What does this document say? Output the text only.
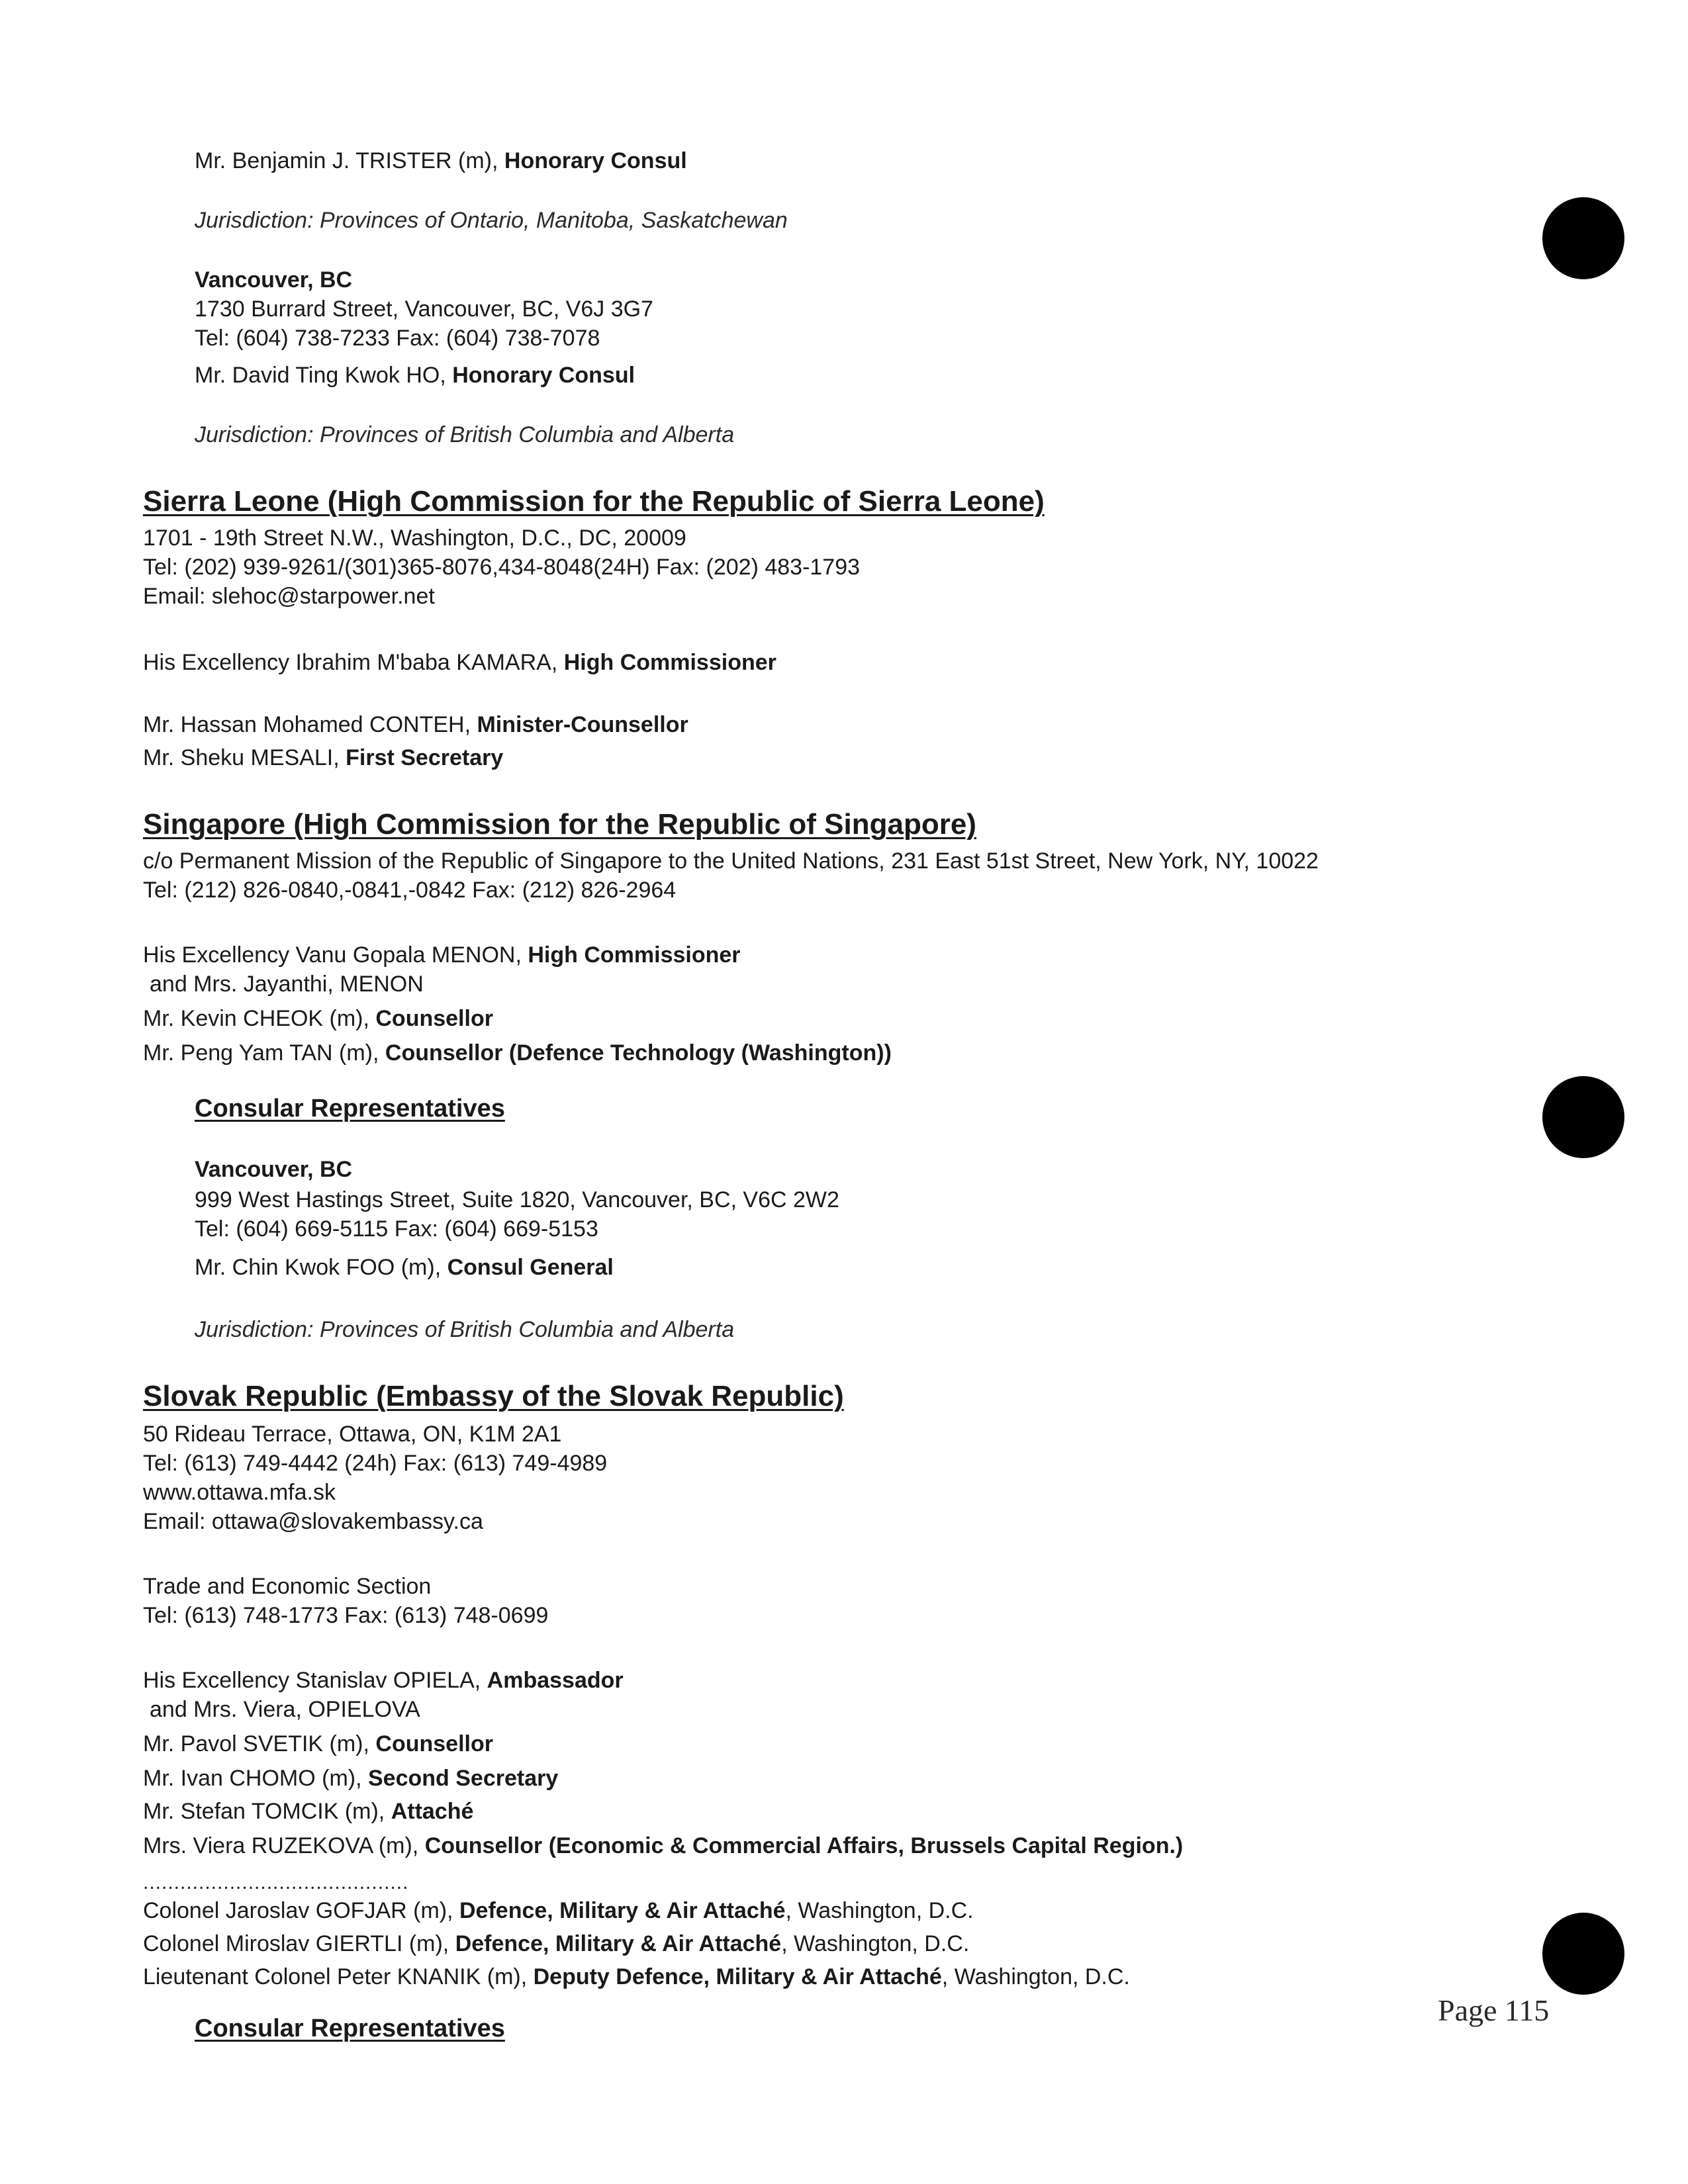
Mr. Benjamin J. TRISTER (m), Honorary Consul
Jurisdiction: Provinces of Ontario, Manitoba, Saskatchewan
Vancouver, BC
1730 Burrard Street, Vancouver, BC, V6J 3G7
Tel: (604) 738-7233 Fax: (604) 738-7078
Mr. David Ting Kwok HO, Honorary Consul
Jurisdiction: Provinces of British Columbia and Alberta
Sierra Leone (High Commission for the Republic of Sierra Leone)
1701 - 19th Street N.W., Washington, D.C., DC, 20009
Tel: (202) 939-9261/(301)365-8076,434-8048(24H) Fax: (202) 483-1793
Email: slehoc@starpower.net
His Excellency Ibrahim M'baba KAMARA, High Commissioner
Mr. Hassan Mohamed CONTEH, Minister-Counsellor
Mr. Sheku MESALI, First Secretary
Singapore (High Commission for the Republic of Singapore)
c/o Permanent Mission of the Republic of Singapore to the United Nations, 231 East 51st Street, New York, NY, 10022
Tel: (212) 826-0840,-0841,-0842 Fax: (212) 826-2964
His Excellency Vanu Gopala MENON, High Commissioner
and Mrs. Jayanthi, MENON
Mr. Kevin CHEOK (m), Counsellor
Mr. Peng Yam TAN (m), Counsellor (Defence Technology (Washington))
Consular Representatives
Vancouver, BC
999 West Hastings Street, Suite 1820, Vancouver, BC, V6C 2W2
Tel: (604) 669-5115 Fax: (604) 669-5153
Mr. Chin Kwok FOO (m), Consul General
Jurisdiction: Provinces of British Columbia and Alberta
Slovak Republic (Embassy of the Slovak Republic)
50 Rideau Terrace, Ottawa, ON, K1M 2A1
Tel: (613) 749-4442 (24h) Fax: (613) 749-4989
www.ottawa.mfa.sk
Email: ottawa@slovakembassy.ca
Trade and Economic Section
Tel: (613) 748-1773 Fax: (613) 748-0699
His Excellency Stanislav OPIELA, Ambassador
and Mrs. Viera, OPIELOVA
Mr. Pavol SVETIK (m), Counsellor
Mr. Ivan CHOMO (m), Second Secretary
Mr. Stefan TOMCIK (m), Attaché
Mrs. Viera RUZEKOVA (m), Counsellor (Economic & Commercial Affairs, Brussels Capital Region.)
...........................................
Colonel Jaroslav GOFJAR (m), Defence, Military & Air Attaché, Washington, D.C.
Colonel Miroslav GIERTLI (m), Defence, Military & Air Attaché, Washington, D.C.
Lieutenant Colonel Peter KNANIK (m), Deputy Defence, Military & Air Attaché, Washington, D.C.
Consular Representatives
Page 115
